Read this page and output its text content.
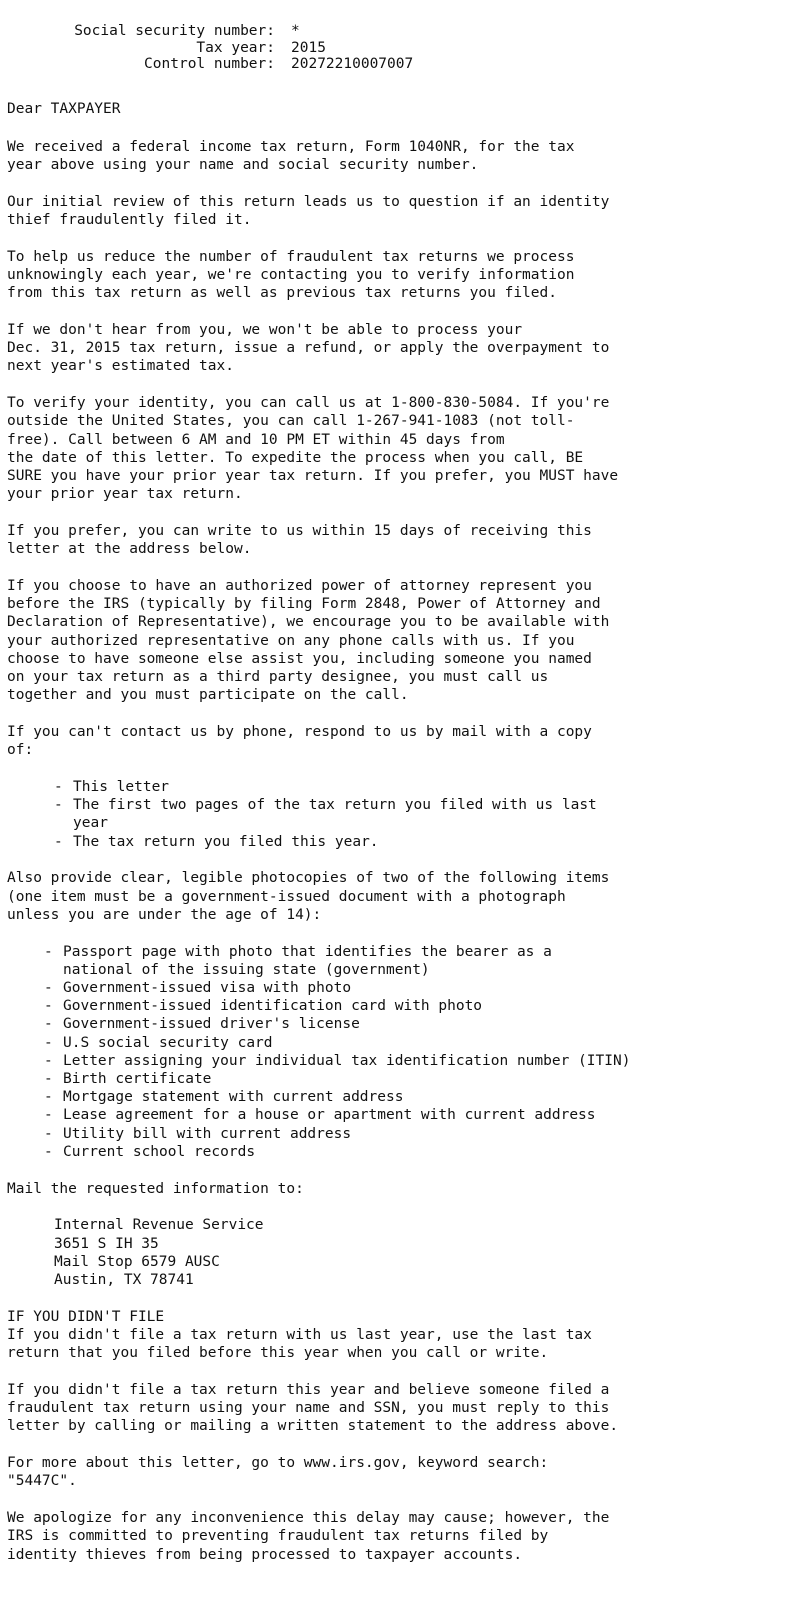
Social security number:	*
Tax year:	2015
Control number:	20272210007007
Dear TAXPAYER

We received a federal income tax return, Form 1040NR, for the tax
year above using your name and social security number.

Our initial review of this return leads us to question if an identity
thief fraudulently filed it.

To help us reduce the number of fraudulent tax returns we process
unknowingly each year, we're contacting you to verify information
from this tax return as well as previous tax returns you filed.

If we don't hear from you, we won't be able to process your
Dec. 31, 2015 tax return, issue a refund, or apply the overpayment to
next year's estimated tax.

To verify your identity, you can call us at 1-800-830-5084. If you're
outside the United States, you can call 1-267-941-1083 (not toll-
free). Call between 6 AM and 10 PM ET within 45 days from
the date of this letter. To expedite the process when you call, BE
SURE you have your prior year tax return. If you prefer, you MUST have
your prior year tax return.

If you prefer, you can write to us within 15 days of receiving this
letter at the address below.

If you choose to have an authorized power of attorney represent you
before the IRS (typically by filing Form 2848, Power of Attorney and
Declaration of Representative), we encourage you to be available with
your authorized representative on any phone calls with us. If you
choose to have someone else assist you, including someone you named
on your tax return as a third party designee, you must call us
together and you must participate on the call.

If you can't contact us by phone, respond to us by mail with a copy
of:

- This letter
- The first two pages of the tax return you filed with us last
year
- The tax return you filed this year.

Also provide clear, legible photocopies of two of the following items
(one item must be a government-issued document with a photograph
unless you are under the age of 14):

- Passport page with photo that identifies the bearer as a
national of the issuing state (government)
- Government-issued visa with photo
- Government-issued identification card with photo
- Government-issued driver's license
- U.S social security card
- Letter assigning your individual tax identification number (ITIN)
- Birth certificate
- Mortgage statement with current address
- Lease agreement for a house or apartment with current address
- Utility bill with current address
- Current school records

Mail the requested information to:

Internal Revenue Service
3651 S IH 35
Mail Stop 6579 AUSC
Austin, TX 78741
IF YOU DIDN'T FILE

If you didn't file a tax return with us last year, use the last tax
return that you filed before this year when you call or write.

If you didn't file a tax return this year and believe someone filed a
fraudulent tax return using your name and SSN, you must reply to this
letter by calling or mailing a written statement to the address above.

For more about this letter, go to www.irs.gov, keyword search:
"5447C".

We apologize for any inconvenience this delay may cause; however, the
IRS is committed to preventing fraudulent tax returns filed by
identity thieves from being processed to taxpayer accounts.
